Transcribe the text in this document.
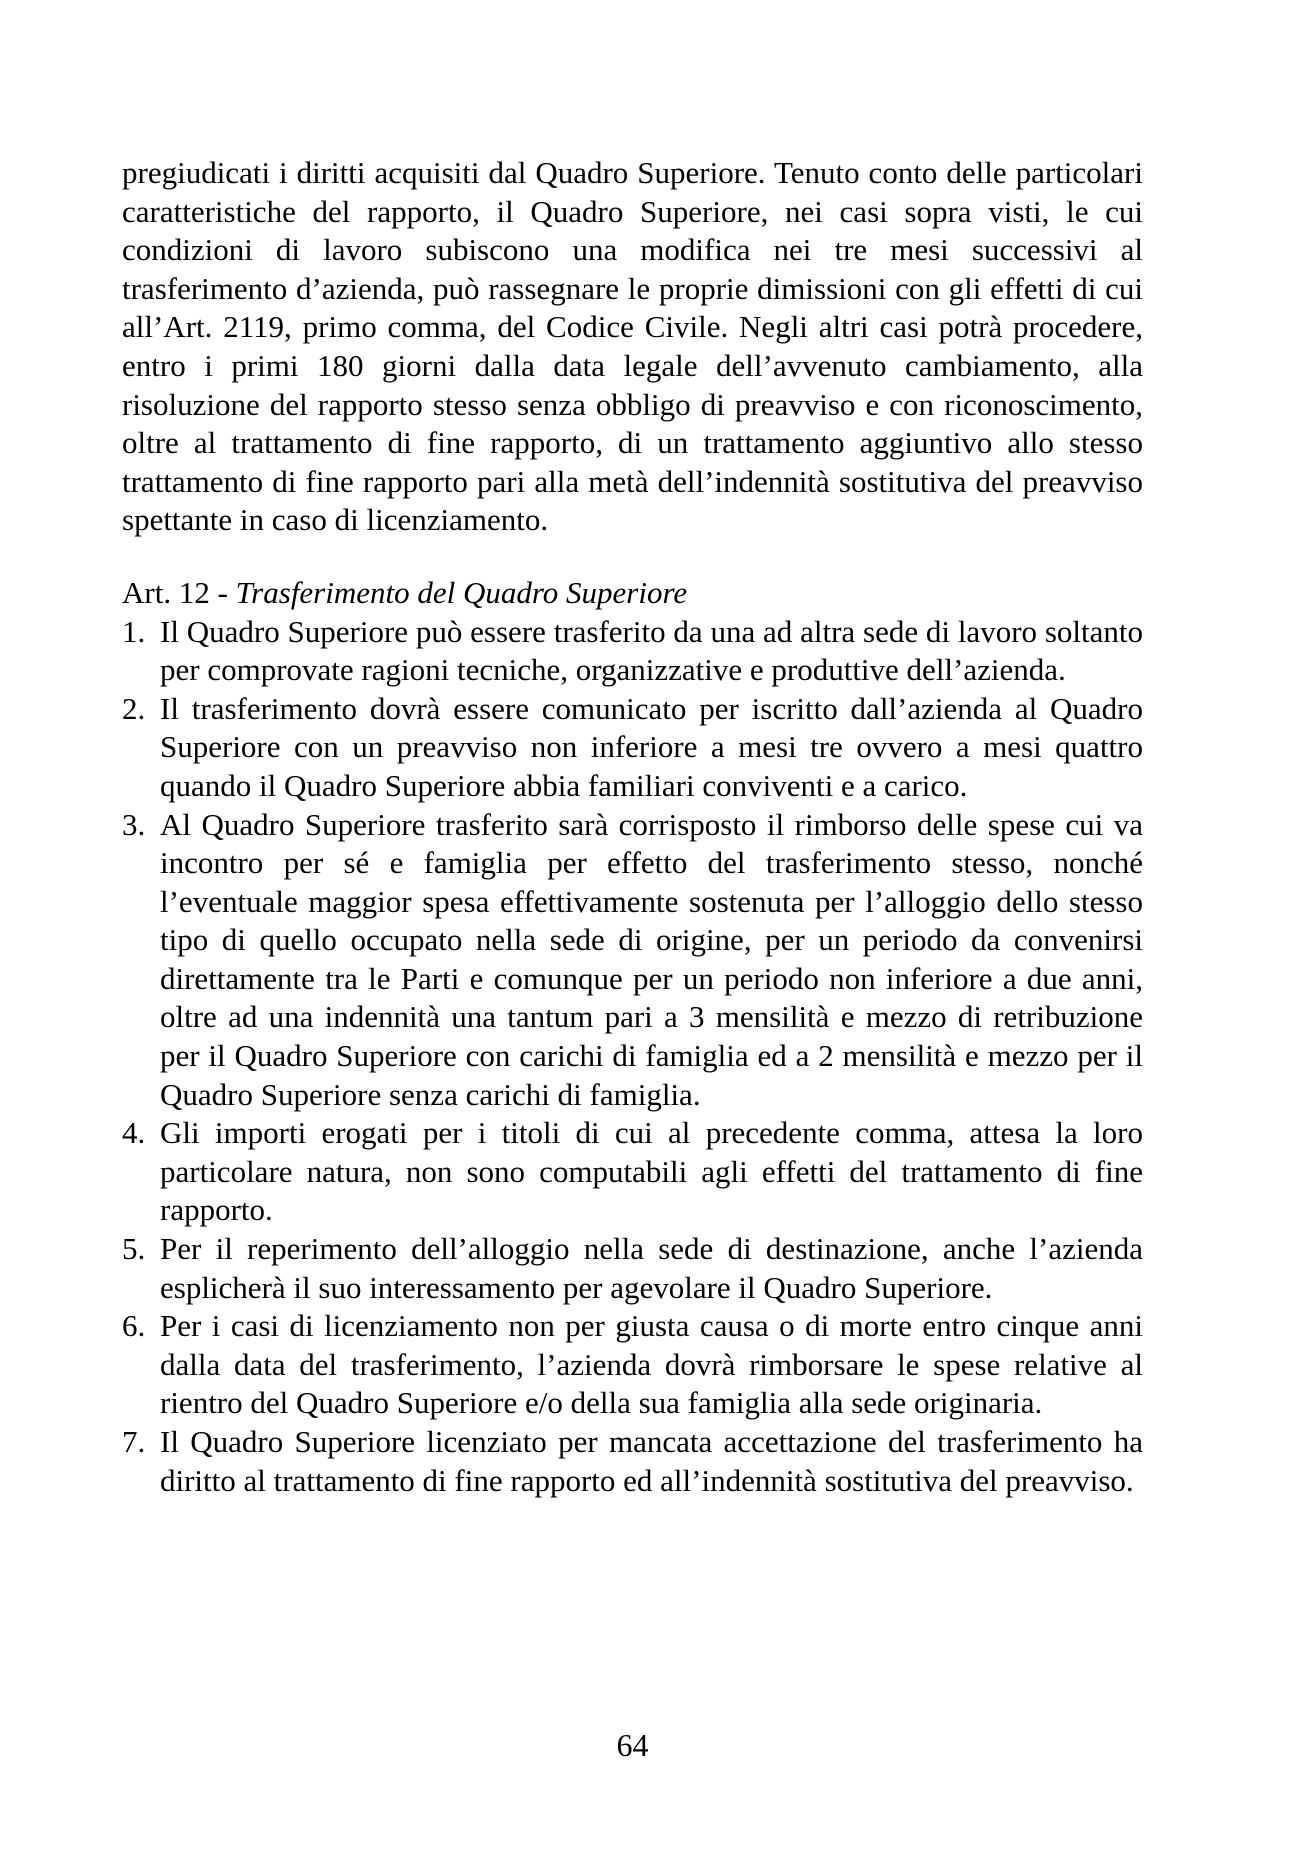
pregiudicati i diritti acquisiti dal Quadro Superiore. Tenuto conto delle particolari caratteristiche del rapporto, il Quadro Superiore, nei casi sopra visti, le cui condizioni di lavoro subiscono una modifica nei tre mesi successivi al trasferimento d’azienda, può rassegnare le proprie dimissioni con gli effetti di cui all’Art. 2119, primo comma, del Codice Civile. Negli altri casi potrà procedere, entro i primi 180 giorni dalla data legale dell’avvenuto cambiamento, alla risoluzione del rapporto stesso senza obbligo di preavviso e con riconoscimento, oltre al trattamento di fine rapporto, di un trattamento aggiuntivo allo stesso trattamento di fine rapporto pari alla metà dell’indennità sostitutiva del preavviso spettante in caso di licenziamento.

Art. 12 - Trasferimento del Quadro Superiore
1. Il Quadro Superiore può essere trasferito da una ad altra sede di lavoro soltanto per comprovate ragioni tecniche, organizzative e produttive dell’azienda.
2. Il trasferimento dovrà essere comunicato per iscritto dall’azienda al Quadro Superiore con un preavviso non inferiore a mesi tre ovvero a mesi quattro quando il Quadro Superiore abbia familiari conviventi e a carico.
3. Al Quadro Superiore trasferito sarà corrisposto il rimborso delle spese cui va incontro per sé e famiglia per effetto del trasferimento stesso, nonché l’eventuale maggior spesa effettivamente sostenuta per l’alloggio dello stesso tipo di quello occupato nella sede di origine, per un periodo da convenirsi direttamente tra le Parti e comunque per un periodo non inferiore a due anni, oltre ad una indennità una tantum pari a 3 mensilità e mezzo di retribuzione per il Quadro Superiore con carichi di famiglia ed a 2 mensilità e mezzo per il Quadro Superiore senza carichi di famiglia.
4. Gli importi erogati per i titoli di cui al precedente comma, attesa la loro particolare natura, non sono computabili agli effetti del trattamento di fine rapporto.
5. Per il reperimento dell’alloggio nella sede di destinazione, anche l’azienda esplicherà il suo interessamento per agevolare il Quadro Superiore.
6. Per i casi di licenziamento non per giusta causa o di morte entro cinque anni dalla data del trasferimento, l’azienda dovrà rimborsare le spese relative al rientro del Quadro Superiore e/o della sua famiglia alla sede originaria.
7. Il Quadro Superiore licenziato per mancata accettazione del trasferimento ha diritto al trattamento di fine rapporto ed all’indennità sostitutiva del preavviso.
64
